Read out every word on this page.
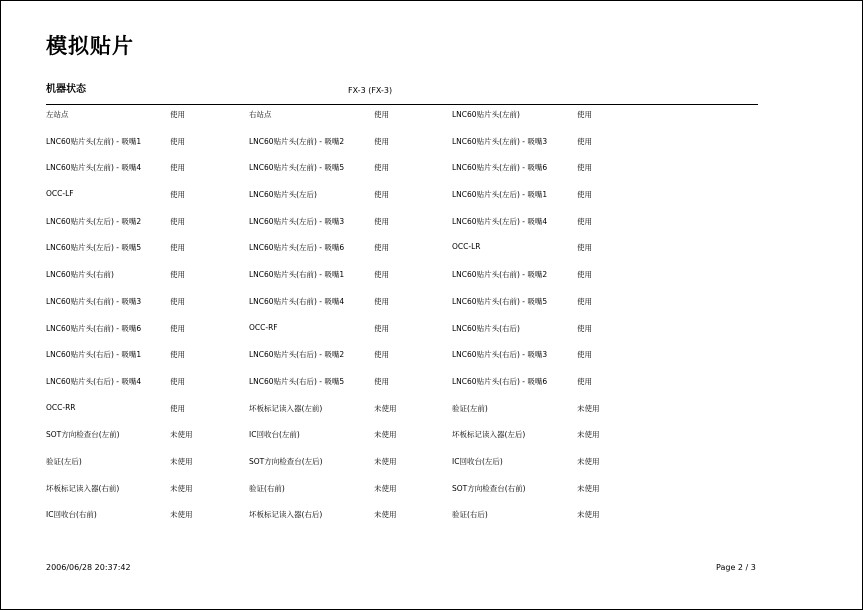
模拟贴片
机器状态	FX-3 (FX-3)
左站点	使用	右站点	使用	LNC60贴片头(左前)	使用
LNC60贴片头(左前) - 吸嘴1	使用	LNC60贴片头(左前) - 吸嘴2	使用	LNC60贴片头(左前) - 吸嘴3	使用
LNC60贴片头(左前) - 吸嘴4	使用	LNC60贴片头(左前) - 吸嘴5	使用	LNC60贴片头(左前) - 吸嘴6	使用
OCC-LF	使用	LNC60贴片头(左后)	使用	LNC60贴片头(左后) - 吸嘴1	使用
LNC60贴片头(左后) - 吸嘴2	使用	LNC60贴片头(左后) - 吸嘴3	使用	LNC60贴片头(左后) - 吸嘴4	使用
LNC60贴片头(左后) - 吸嘴5	使用	LNC60贴片头(左后) - 吸嘴6	使用	OCC-LR	使用
LNC60贴片头(右前)	使用	LNC60贴片头(右前) - 吸嘴1	使用	LNC60贴片头(右前) - 吸嘴2	使用
LNC60贴片头(右前) - 吸嘴3	使用	LNC60贴片头(右前) - 吸嘴4	使用	LNC60贴片头(右前) - 吸嘴5	使用
LNC60贴片头(右前) - 吸嘴6	使用	OCC-RF	使用	LNC60贴片头(右后)	使用
LNC60贴片头(右后) - 吸嘴1	使用	LNC60贴片头(右后) - 吸嘴2	使用	LNC60贴片头(右后) - 吸嘴3	使用
LNC60贴片头(右后) - 吸嘴4	使用	LNC60贴片头(右后) - 吸嘴5	使用	LNC60贴片头(右后) - 吸嘴6	使用
OCC-RR	使用	坏板标记读入器(左前)	未使用	验证(左前)	未使用
SOT方向检查台(左前)	未使用	IC回收台(左前)	未使用	坏板标记读入器(左后)	未使用
验证(左后)	未使用	SOT方向检查台(左后)	未使用	IC回收台(左后)	未使用
坏板标记读入器(右前)	未使用	验证(右前)	未使用	SOT方向检查台(右前)	未使用
IC回收台(右前)	未使用	坏板标记读入器(右后)	未使用	验证(右后)	未使用
2006/06/28 20:37:42	Page 2 / 3
